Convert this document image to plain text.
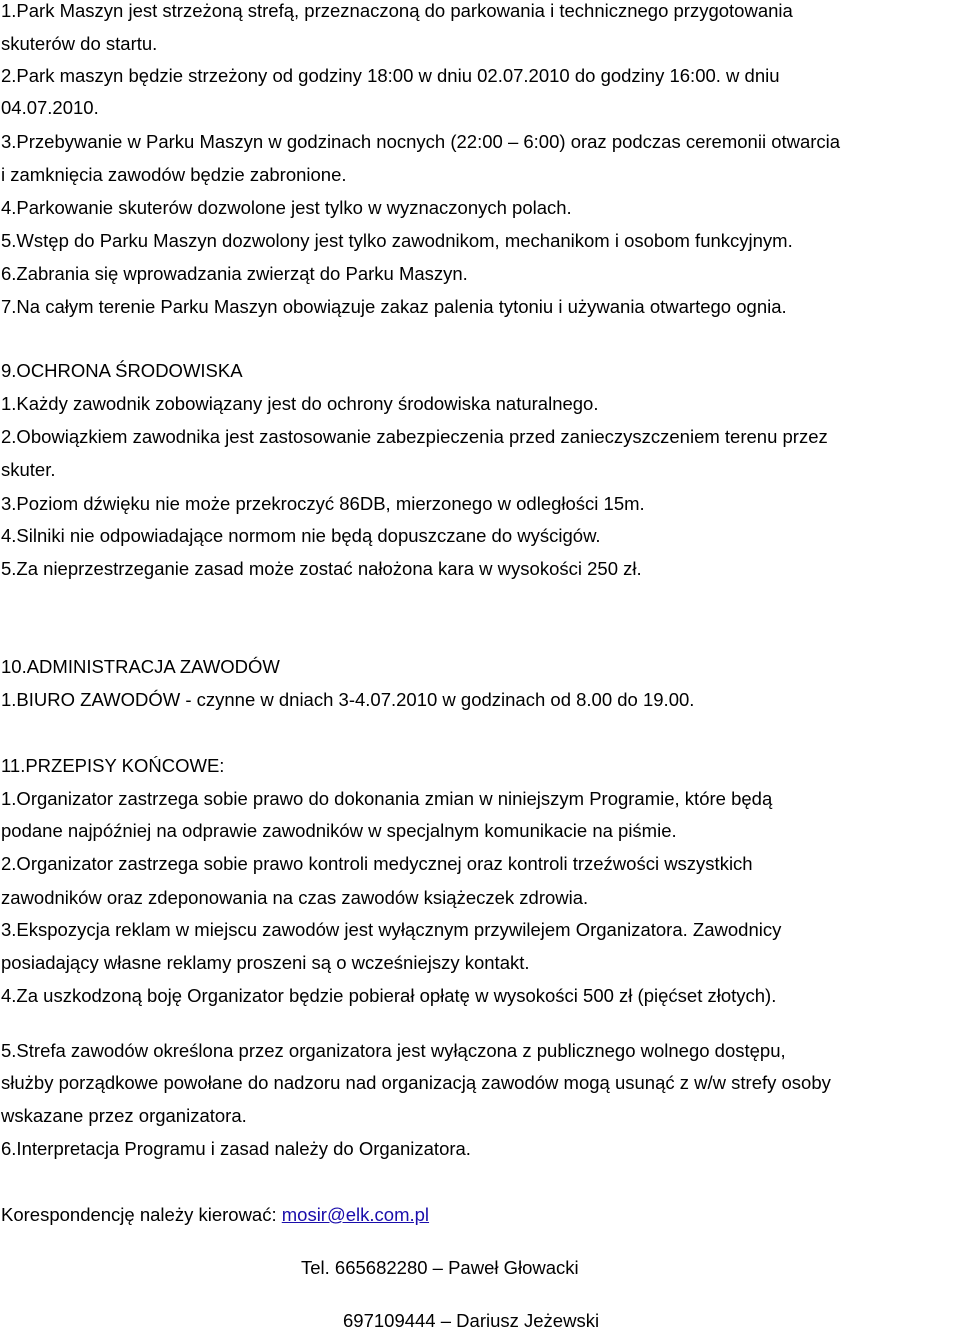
1.Park Maszyn jest strzeżoną strefą, przeznaczoną do parkowania i technicznego przygotowania
skuterów do startu.
2.Park maszyn będzie strzeżony od godziny 18:00 w dniu 02.07.2010 do godziny 16:00. w dniu
04.07.2010.
3.Przebywanie w Parku Maszyn w godzinach nocnych (22:00 – 6:00) oraz podczas ceremonii otwarcia
i zamknięcia zawodów będzie zabronione.
4.Parkowanie skuterów dozwolone jest tylko w wyznaczonych polach.
5.Wstęp do Parku Maszyn dozwolony jest tylko zawodnikom, mechanikom i osobom funkcyjnym.
6.Zabrania się wprowadzania zwierząt do Parku Maszyn.
7.Na całym terenie Parku Maszyn obowiązuje zakaz palenia tytoniu i używania otwartego ognia.
9.OCHRONA ŚRODOWISKA
1.Każdy zawodnik zobowiązany jest do ochrony środowiska naturalnego.
2.Obowiązkiem zawodnika jest zastosowanie zabezpieczenia przed zanieczyszczeniem terenu przez
skuter.
3.Poziom dźwięku nie może przekroczyć 86DB, mierzonego w odległości 15m.
4.Silniki nie odpowiadające normom nie będą dopuszczane do wyścigów.
5.Za nieprzestrzeganie zasad może zostać nałożona kara w wysokości 250 zł.
10.ADMINISTRACJA ZAWODÓW
1.BIURO ZAWODÓW - czynne w dniach 3-4.07.2010 w godzinach od 8.00 do 19.00.
11.PRZEPISY KOŃCOWE:
1.Organizator zastrzega sobie prawo do dokonania zmian w niniejszym Programie, które będą
podane najpóźniej na odprawie zawodników w specjalnym komunikacie na piśmie.
2.Organizator zastrzega sobie prawo kontroli medycznej oraz kontroli trzeźwości wszystkich
zawodników oraz zdeponowania na czas zawodów książeczek zdrowia.
3.Ekspozycja reklam w miejscu zawodów jest wyłącznym przywilejem Organizatora. Zawodnicy
posiadający własne reklamy proszeni są o wcześniejszy kontakt.
4.Za uszkodzoną boję Organizator będzie pobierał opłatę w wysokości 500 zł (pięćset złotych).
5.Strefa zawodów określona przez organizatora jest wyłączona z publicznego wolnego dostępu,
służby porządkowe powołane do nadzoru nad organizacją zawodów mogą usunąć z w/w strefy osoby
wskazane przez organizatora.
6.Interpretacja Programu i zasad należy do Organizatora.
Korespondencję należy kierować: mosir@elk.com.pl
Tel. 665682280 – Paweł Głowacki
697109444 – Dariusz Jeżewski
